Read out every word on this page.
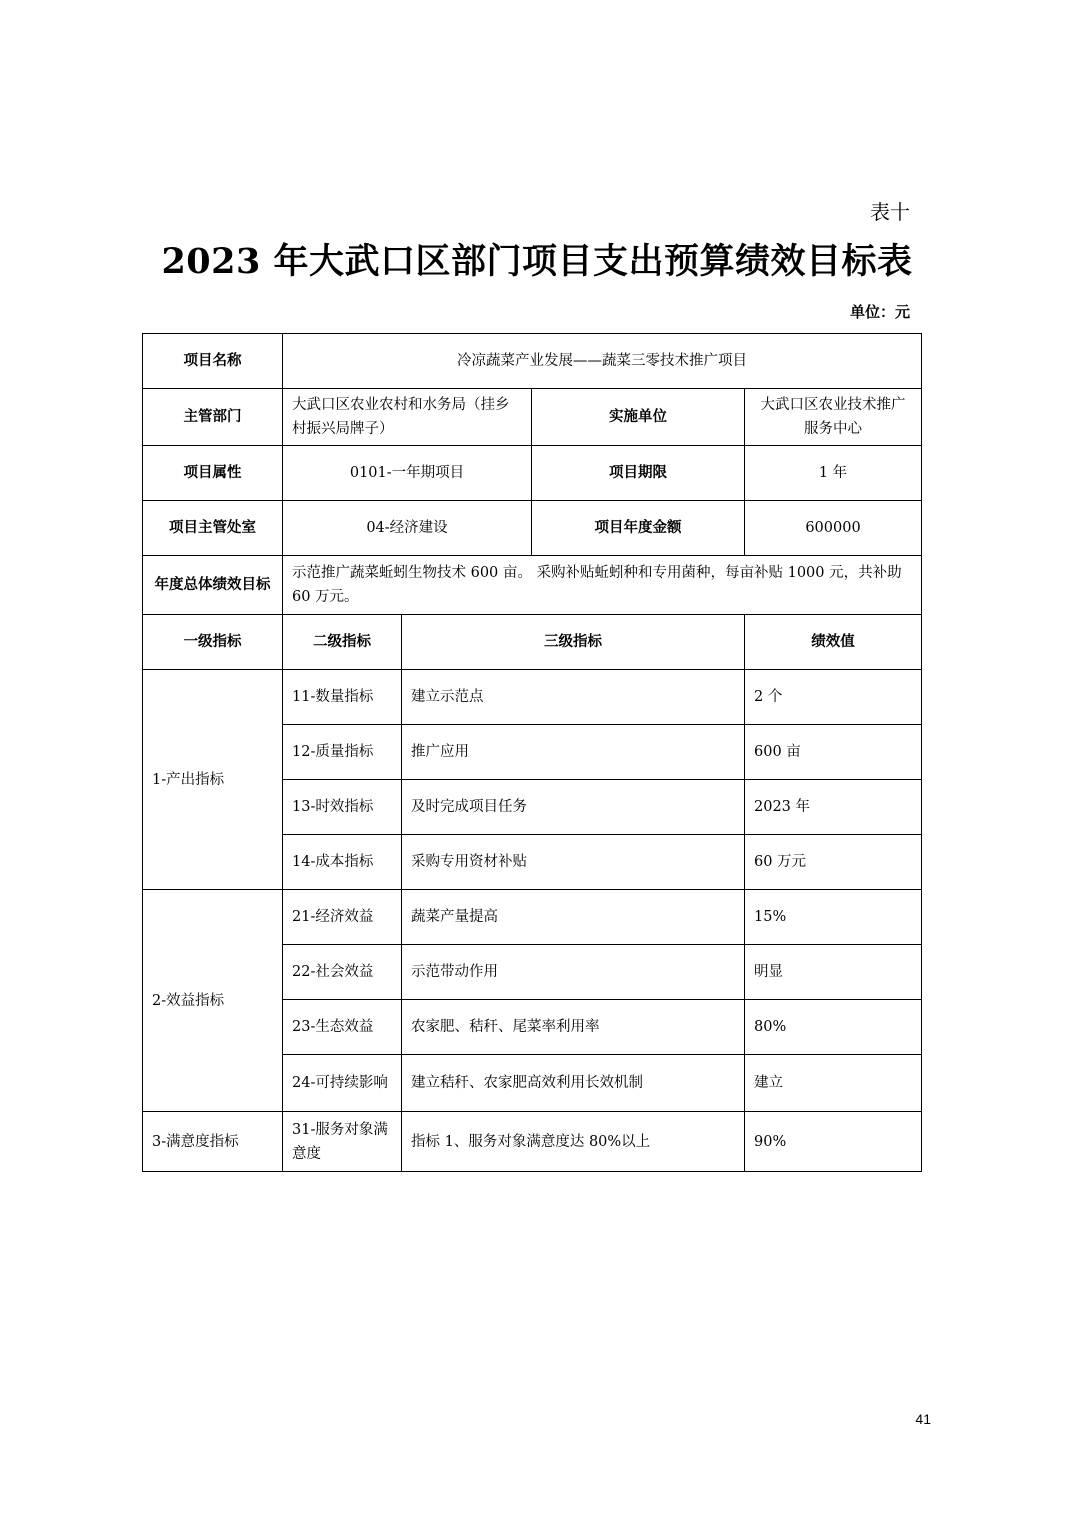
表十
2023 年大武口区部门项目支出预算绩效目标表
单位：元
项目名称	冷凉蔬菜产业发展——蔬菜三零技术推广项目			
主管部门	大武口区农业农村和水务局（挂乡村振兴局牌子）		实施单位	大武口区农业技术推广服务中心
项目属性	0101-一年期项目		项目期限	1 年
项目主管处室	04-经济建设		项目年度金额	600000
年度总体绩效目标	示范推广蔬菜蚯蚓生物技术 600 亩。 采购补贴蚯蚓种和专用菌种，每亩补贴 1000 元，共补助 60 万元。			
一级指标	二级指标	三级指标		绩效值
1-产出指标	11-数量指标	建立示范点		2 个
	12-质量指标	推广应用		600 亩
	13-时效指标	及时完成项目任务		2023 年
	14-成本指标	采购专用资材补贴		60 万元
2-效益指标	21-经济效益	蔬菜产量提高		15%
	22-社会效益	示范带动作用		明显
	23-生态效益	农家肥、秸秆、尾菜率利用率		80%
	24-可持续影响	建立秸秆、农家肥高效利用长效机制		建立
3-满意度指标	31-服务对象满意度	指标 1、服务对象满意度达 80%以上		90%
41
